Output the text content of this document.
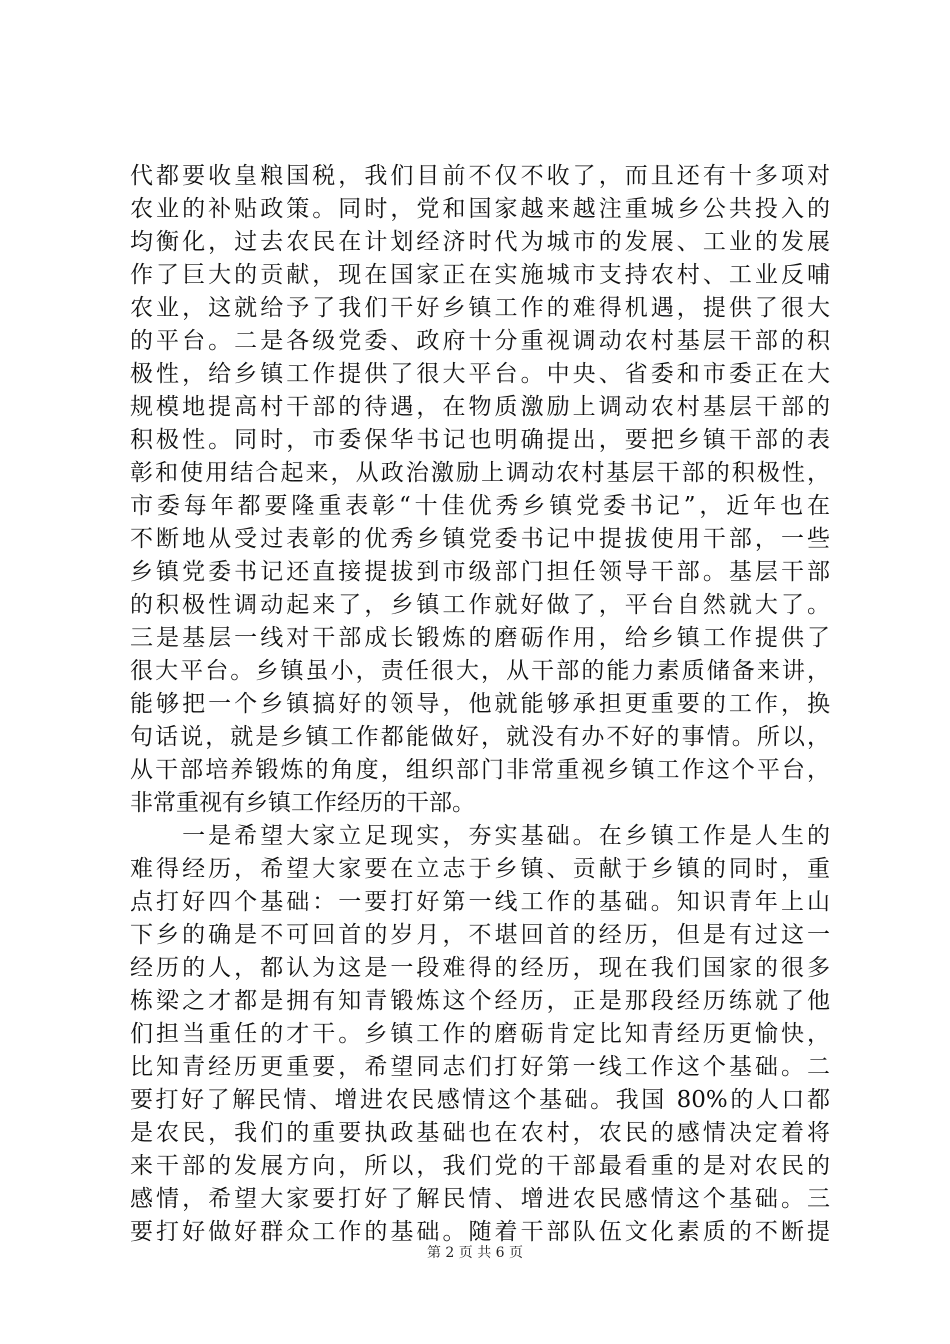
代都要收皇粮国税，我们目前不仅不收了，而且还有十多项对
农业的补贴政策。同时，党和国家越来越注重城乡公共投入的
均衡化，过去农民在计划经济时代为城市的发展、工业的发展
作了巨大的贡献，现在国家正在实施城市支持农村、工业反哺
农业，这就给予了我们干好乡镇工作的难得机遇，提供了很大
的平台。二是各级党委、政府十分重视调动农村基层干部的积
极性，给乡镇工作提供了很大平台。中央、省委和市委正在大
规模地提高村干部的待遇，在物质激励上调动农村基层干部的
积极性。同时，市委保华书记也明确提出，要把乡镇干部的表
彰和使用结合起来，从政治激励上调动农村基层干部的积极性，
市委每年都要隆重表彰“十佳优秀乡镇党委书记”，近年也在
不断地从受过表彰的优秀乡镇党委书记中提拔使用干部，一些
乡镇党委书记还直接提拔到市级部门担任领导干部。基层干部
的积极性调动起来了，乡镇工作就好做了，平台自然就大了。
三是基层一线对干部成长锻炼的磨砺作用，给乡镇工作提供了
很大平台。乡镇虽小，责任很大，从干部的能力素质储备来讲，
能够把一个乡镇搞好的领导，他就能够承担更重要的工作，换
句话说，就是乡镇工作都能做好，就没有办不好的事情。所以，
从干部培养锻炼的角度，组织部门非常重视乡镇工作这个平台，
非常重视有乡镇工作经历的干部。
　　一是希望大家立足现实，夯实基础。在乡镇工作是人生的
难得经历，希望大家要在立志于乡镇、贡献于乡镇的同时，重
点打好四个基础：一要打好第一线工作的基础。知识青年上山
下乡的确是不可回首的岁月，不堪回首的经历，但是有过这一
经历的人，都认为这是一段难得的经历，现在我们国家的很多
栋梁之才都是拥有知青锻炼这个经历，正是那段经历练就了他
们担当重任的才干。乡镇工作的磨砺肯定比知青经历更愉快，
比知青经历更重要，希望同志们打好第一线工作这个基础。二
要打好了解民情、增进农民感情这个基础。我国 80%的人口都
是农民，我们的重要执政基础也在农村，农民的感情决定着将
来干部的发展方向，所以，我们党的干部最看重的是对农民的
感情，希望大家要打好了解民情、增进农民感情这个基础。三
要打好做好群众工作的基础。随着干部队伍文化素质的不断提
第 2 页 共 6 页
